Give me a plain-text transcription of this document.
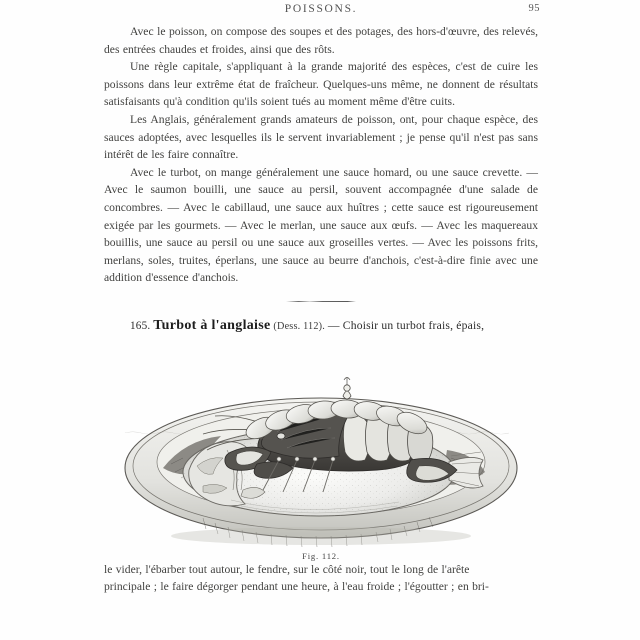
POISSONS.	95

Avec le poisson, on compose des soupes et des potages, des hors-d'œuvre, des relevés, des entrées chaudes et froides, ainsi que des rôts.

Une règle capitale, s'appliquant à la grande majorité des espèces, c'est de cuire les poissons dans leur extrême état de fraîcheur. Quelques-uns même, ne donnent de résultats satisfaisants qu'à condition qu'ils soient tués au moment même d'être cuits.

Les Anglais, généralement grands amateurs de poisson, ont, pour chaque espèce, des sauces adoptées, avec lesquelles ils le servent invariablement ; je pense qu'il n'est pas sans intérêt de les faire connaître.

Avec le turbot, on mange généralement une sauce homard, ou une sauce crevette. — Avec le saumon bouilli, une sauce au persil, souvent accompagnée d'une salade de concombres. — Avec le cabillaud, une sauce aux huîtres ; cette sauce est rigoureusement exigée par les gourmets. — Avec le merlan, une sauce aux œufs. — Avec les maquereaux bouillis, une sauce au persil ou une sauce aux groseilles vertes. — Avec les poissons frits, merlans, soles, truites, éperlans, une sauce au beurre d'anchois, c'est-à-dire finie avec une addition d'essence d'anchois.

165. Turbot à l'anglaise (Dess. 112). — Choisir un turbot frais, épais,
Fig. 112.

le vider, l'ébarber tout autour, le fendre, sur le côté noir, tout le long de l'arête

principale ; le faire dégorger pendant une heure, à l'eau froide ; l'égoutter ; en bri-
